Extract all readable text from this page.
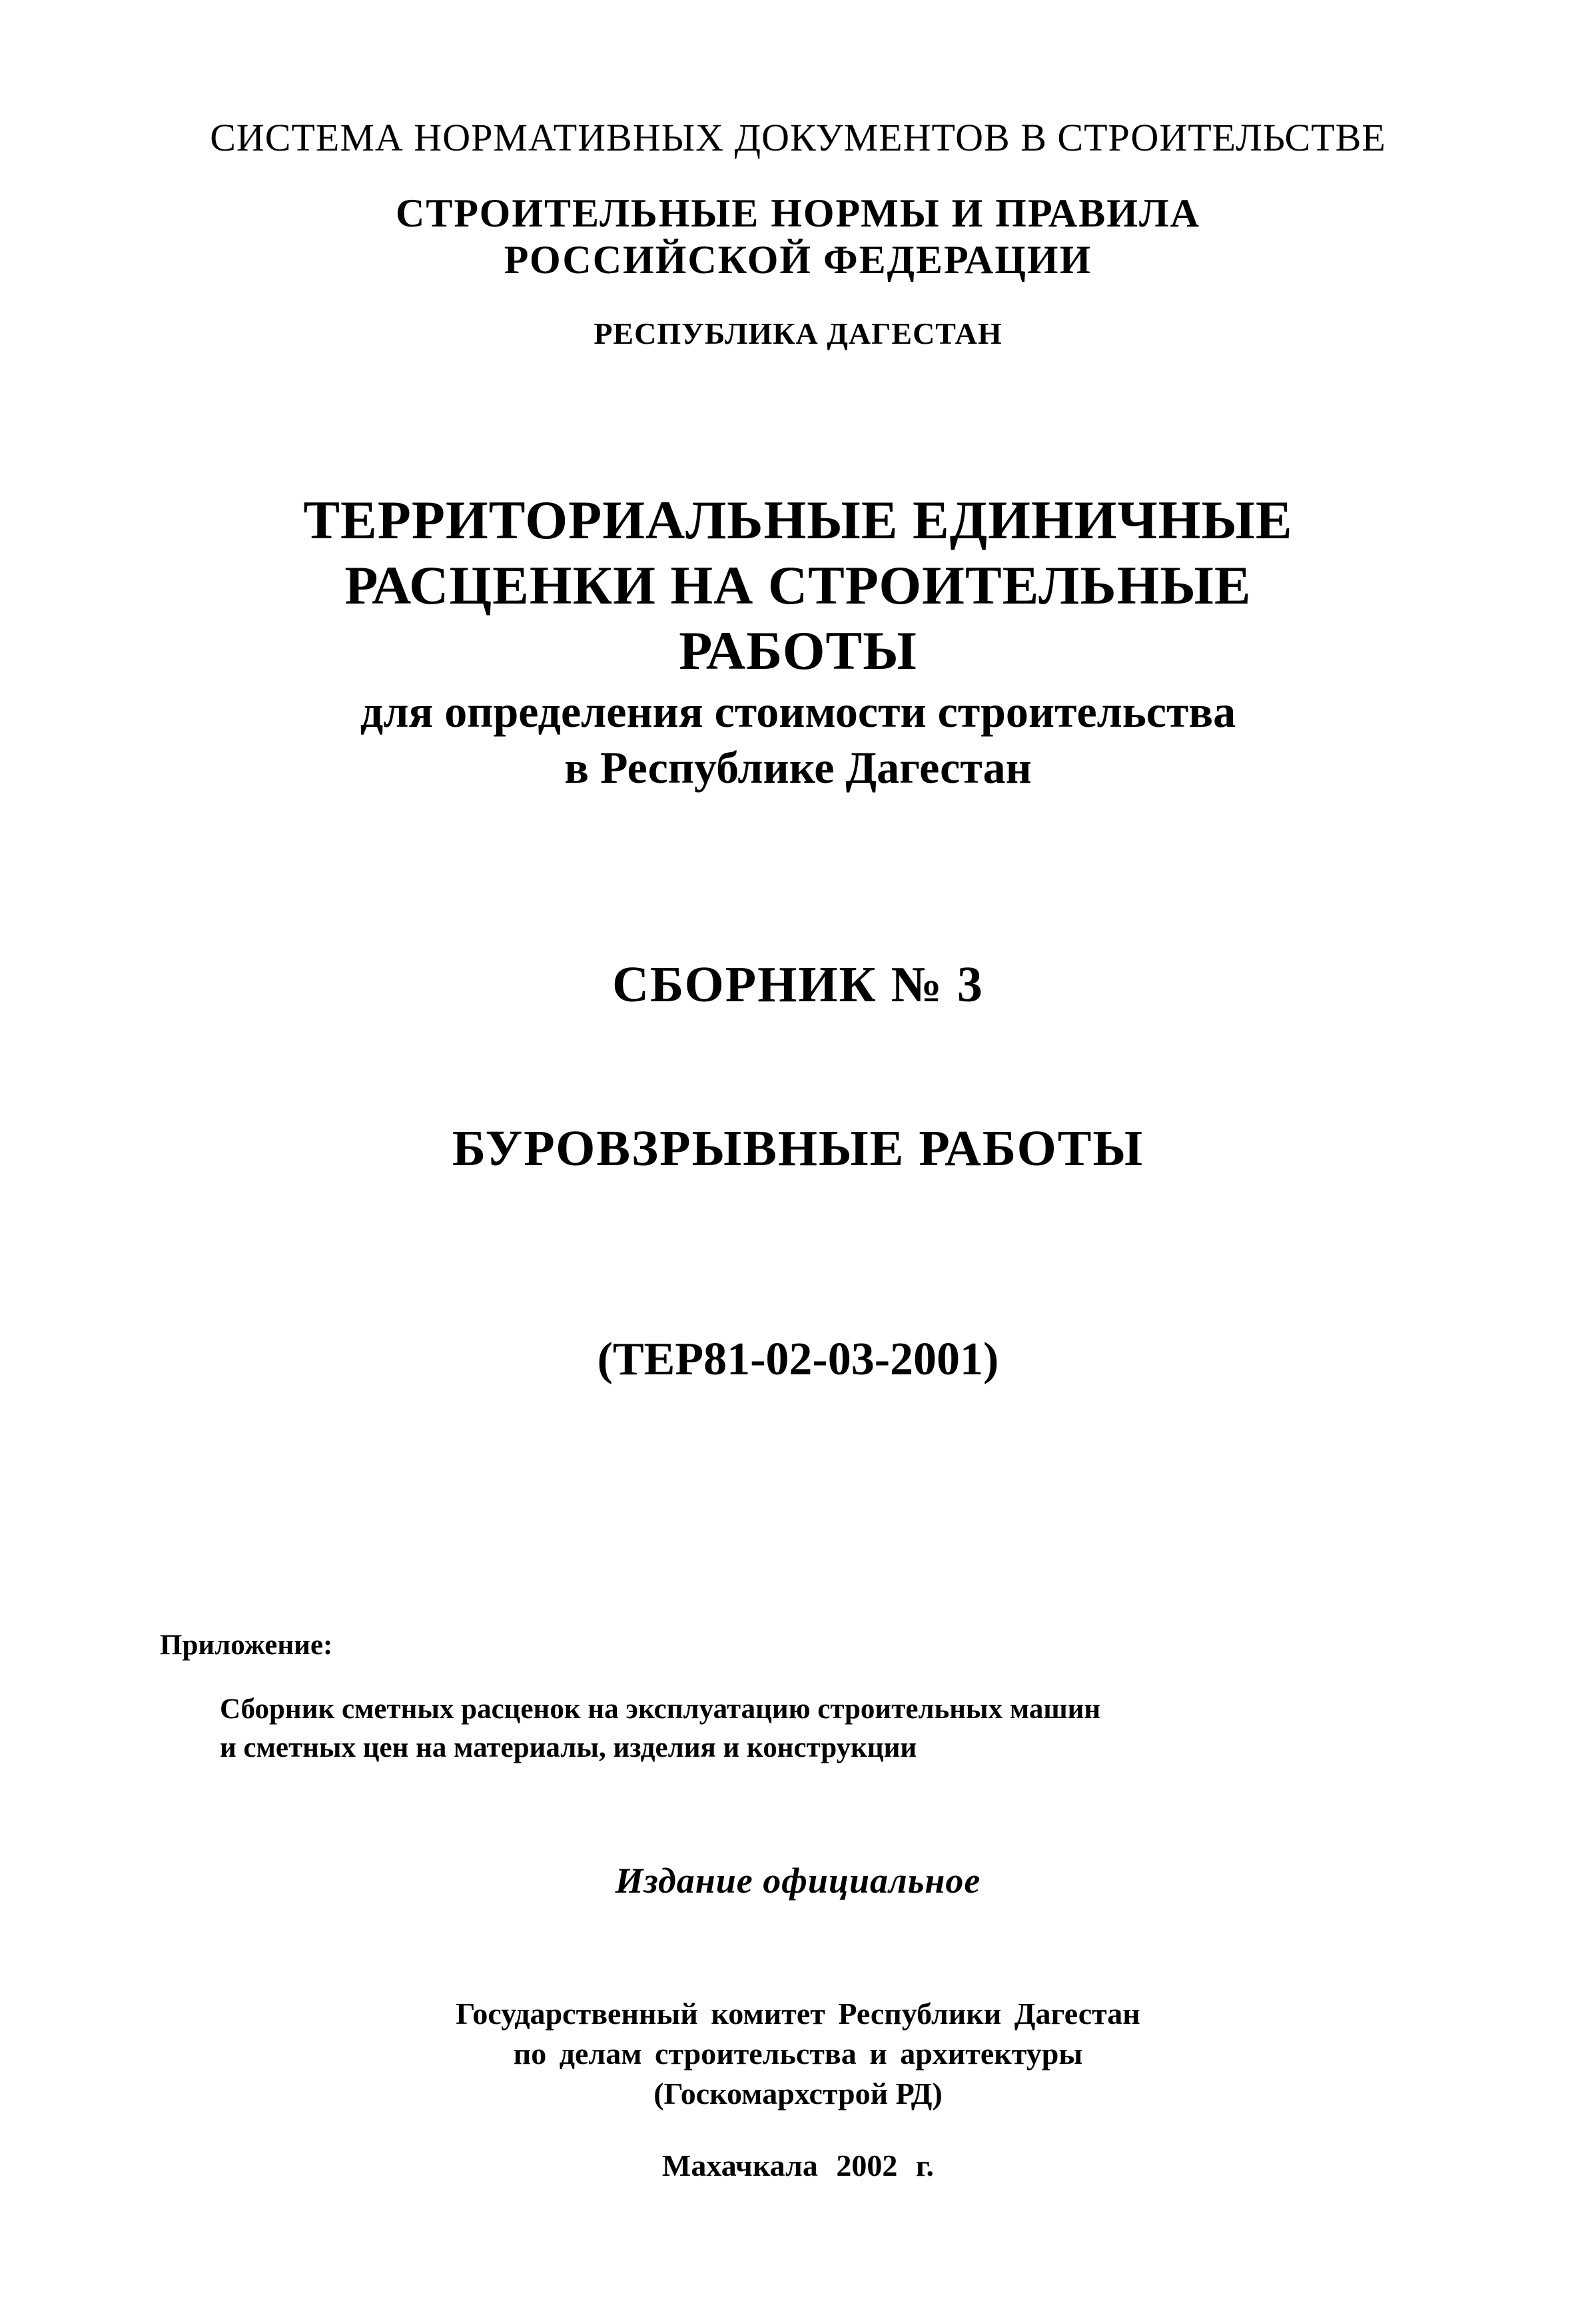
СИСТЕМА НОРМАТИВНЫХ ДОКУМЕНТОВ В СТРОИТЕЛЬСТВЕ
СТРОИТЕЛЬНЫЕ НОРМЫ И ПРАВИЛА
РОССИЙСКОЙ ФЕДЕРАЦИИ
РЕСПУБЛИКА ДАГЕСТАН
ТЕРРИТОРИАЛЬНЫЕ ЕДИНИЧНЫЕ
РАСЦЕНКИ НА СТРОИТЕЛЬНЫЕ
РАБОТЫ
для определения стоимости строительства
в Республике Дагестан
СБОРНИК № 3
БУРОВЗРЫВНЫЕ РАБОТЫ
(ТЕР81-02-03-2001)
Приложение:
Сборник сметных расценок на эксплуатацию строительных машин
и сметных цен на материалы, изделия и конструкции
Издание официальное
Государственный комитет Республики Дагестан
по делам строительства и архитектуры
(Госкомархстрой РД)
Махачкала 2002 г.
